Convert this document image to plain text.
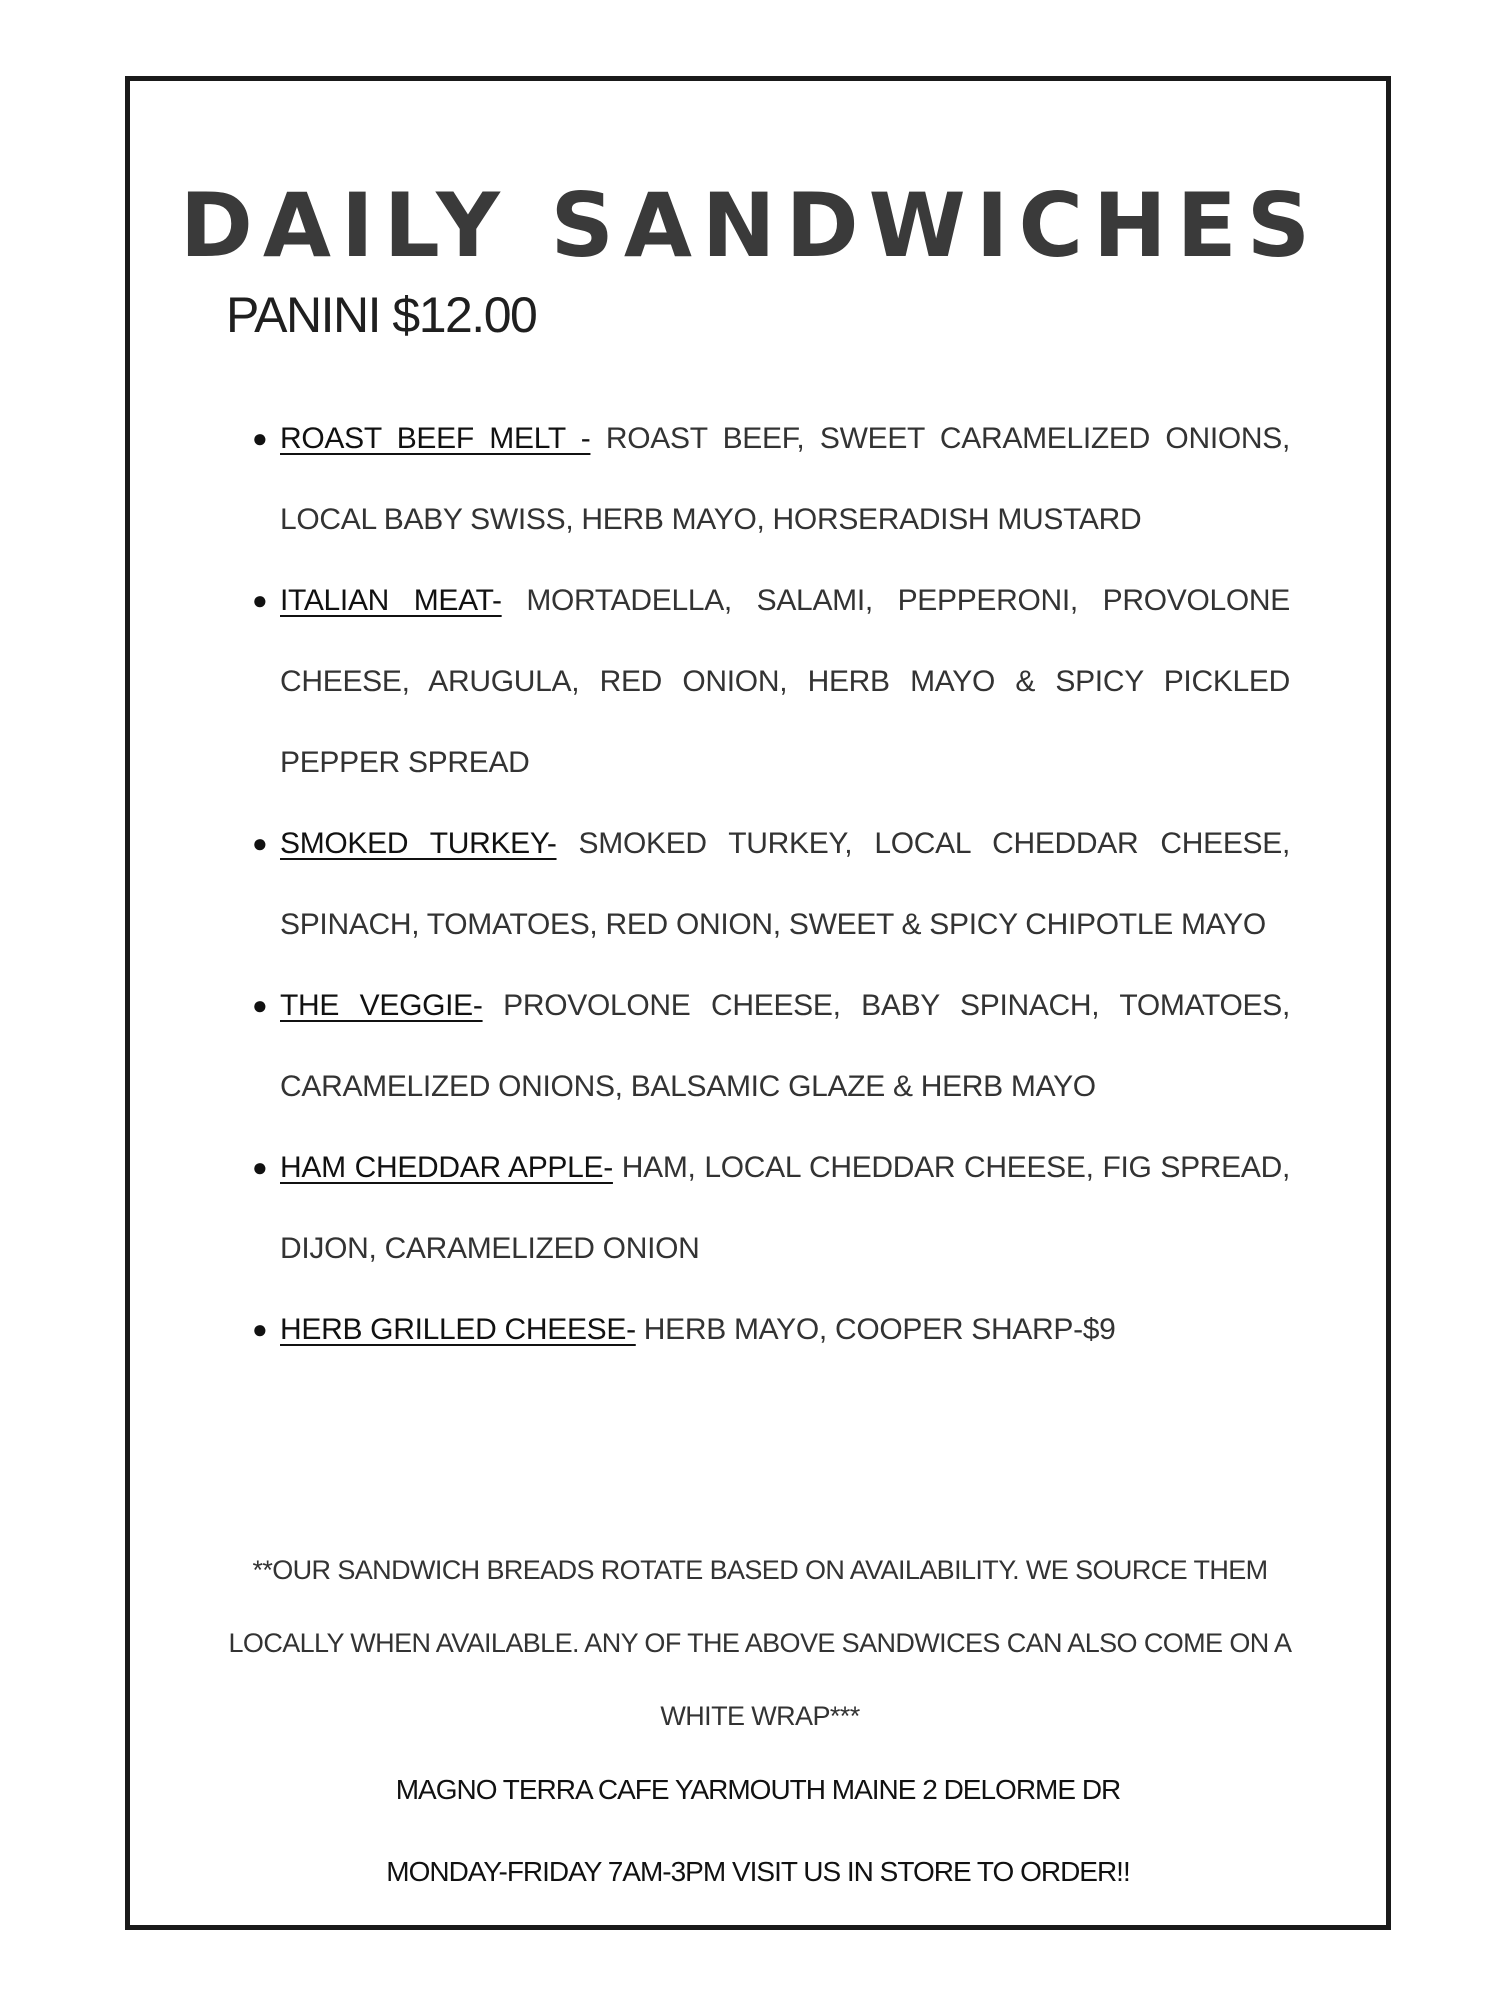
DAILY SANDWICHES
PANINI $12.00
● ROAST BEEF MELT - ROAST BEEF, SWEET CARAMELIZED ONIONS, LOCAL BABY SWISS, HERB MAYO, HORSERADISH MUSTARD
● ITALIAN MEAT- MORTADELLA, SALAMI, PEPPERONI, PROVOLONE CHEESE, ARUGULA, RED ONION, HERB MAYO & SPICY PICKLED PEPPER SPREAD
● SMOKED TURKEY- SMOKED TURKEY, LOCAL CHEDDAR CHEESE, SPINACH, TOMATOES, RED ONION, SWEET & SPICY CHIPOTLE MAYO
● THE VEGGIE- PROVOLONE CHEESE, BABY SPINACH, TOMATOES, CARAMELIZED ONIONS, BALSAMIC GLAZE & HERB MAYO
● HAM CHEDDAR APPLE- HAM, LOCAL CHEDDAR CHEESE, FIG SPREAD, DIJON, CARAMELIZED ONION
● HERB GRILLED CHEESE- HERB MAYO, COOPER SHARP-$9

**OUR SANDWICH BREADS ROTATE BASED ON AVAILABILITY. WE SOURCE THEM LOCALLY WHEN AVAILABLE. ANY OF THE ABOVE SANDWICES CAN ALSO COME ON A WHITE WRAP***

MAGNO TERRA CAFE YARMOUTH MAINE 2 DELORME DR

MONDAY-FRIDAY 7AM-3PM VISIT US IN STORE TO ORDER!!
